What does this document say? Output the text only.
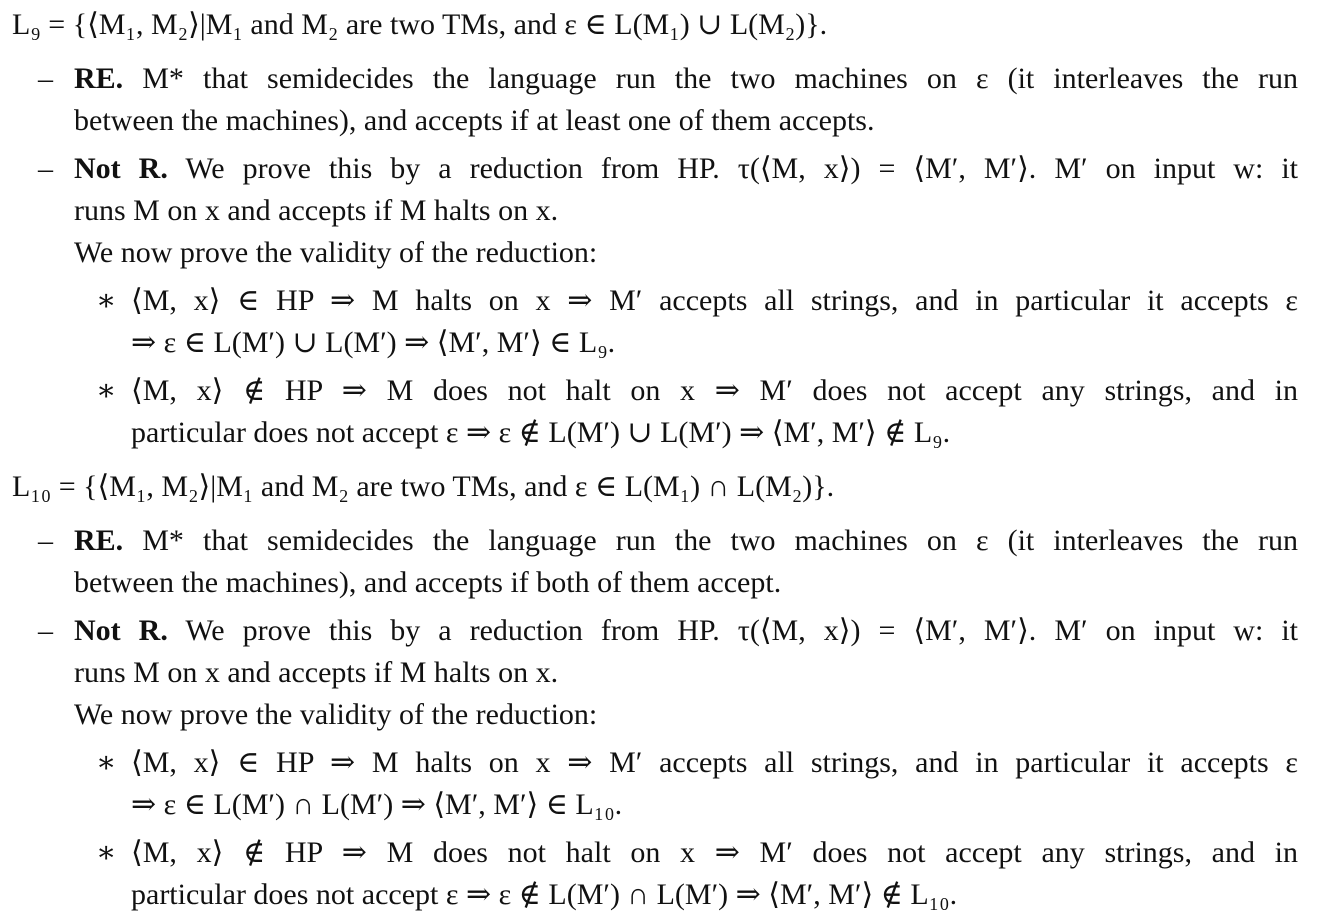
L₉ = {⟨M₁, M₂⟩|M₁ and M₂ are two TMs, and ε ∈ L(M₁) ∪ L(M₂)}.
– RE. M* that semidecides the language run the two machines on ε (it interleaves the run
between the machines), and accepts if at least one of them accepts.
– Not R. We prove this by a reduction from HP. τ(⟨M, x⟩) = ⟨M′, M′⟩. M′ on input w: it
runs M on x and accepts if M halts on x.
We now prove the validity of the reduction:
∗ ⟨M, x⟩ ∈ HP ⇒ M halts on x ⇒ M′ accepts all strings, and in particular it accepts ε
⇒ ε ∈ L(M′) ∪ L(M′) ⇒ ⟨M′, M′⟩ ∈ L₉.
∗ ⟨M, x⟩ ∉ HP ⇒ M does not halt on x ⇒ M′ does not accept any strings, and in
particular does not accept ε ⇒ ε ∉ L(M′) ∪ L(M′) ⇒ ⟨M′, M′⟩ ∉ L₉.
L₁₀ = {⟨M₁, M₂⟩|M₁ and M₂ are two TMs, and ε ∈ L(M₁) ∩ L(M₂)}.
– RE. M* that semidecides the language run the two machines on ε (it interleaves the run
between the machines), and accepts if both of them accept.
– Not R. We prove this by a reduction from HP. τ(⟨M, x⟩) = ⟨M′, M′⟩. M′ on input w: it
runs M on x and accepts if M halts on x.
We now prove the validity of the reduction:
∗ ⟨M, x⟩ ∈ HP ⇒ M halts on x ⇒ M′ accepts all strings, and in particular it accepts ε
⇒ ε ∈ L(M′) ∩ L(M′) ⇒ ⟨M′, M′⟩ ∈ L₁₀.
∗ ⟨M, x⟩ ∉ HP ⇒ M does not halt on x ⇒ M′ does not accept any strings, and in
particular does not accept ε ⇒ ε ∉ L(M′) ∩ L(M′) ⇒ ⟨M′, M′⟩ ∉ L₁₀.
